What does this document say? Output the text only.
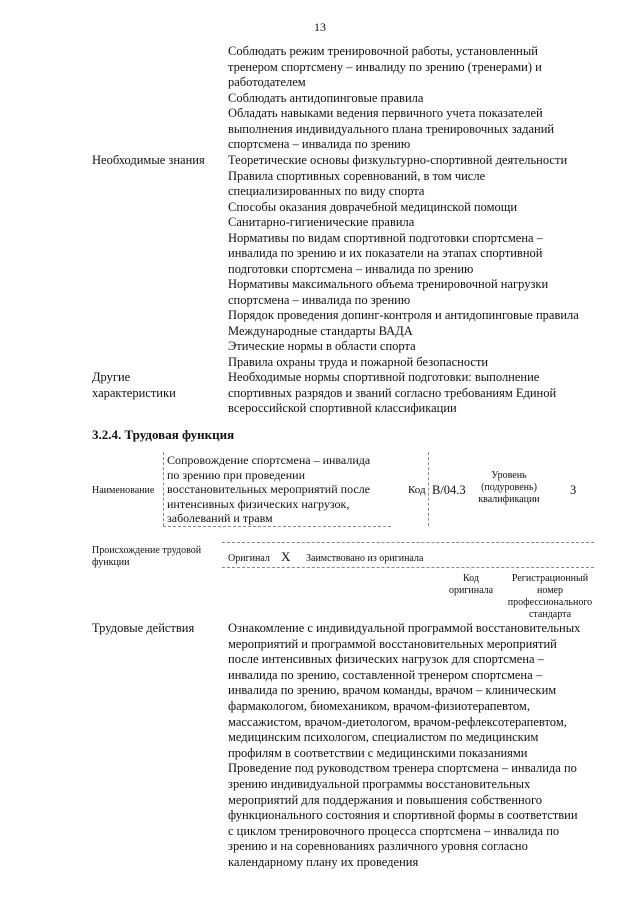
13
Соблюдать режим тренировочной работы, установленный
тренером спортсмену – инвалиду по зрению (тренерами) и
работодателем
Соблюдать антидопинговые правила
Обладать навыками ведения первичного учета показателей
выполнения индивидуального плана тренировочных заданий
спортсмена – инвалида по зрению
Необходимые знания Теоретические основы физкультурно-спортивной деятельности
Правила спортивных соревнований, в том числе
специализированных по виду спорта
Способы оказания доврачебной медицинской помощи
Санитарно-гигиенические правила
Нормативы по видам спортивной подготовки спортсмена –
инвалида по зрению и их показатели на этапах спортивной
подготовки спортсмена – инвалида по зрению
Нормативы максимального объема тренировочной нагрузки
спортсмена – инвалида по зрению
Порядок проведения допинг-контроля и антидопинговые правила
Международные стандарты ВАДА
Этические нормы в области спорта
Правила охраны труда и пожарной безопасности
Другие
характеристики
Необходимые нормы спортивной подготовки: выполнение
спортивных разрядов и званий согласно требованиям Единой
всероссийской спортивной классификации
3.2.4. Трудовая функция
Наименование
Сопровождение спортсмена – инвалида
по зрению при проведении
восстановительных мероприятий после
интенсивных физических нагрузок,
заболеваний и травм
Код B/04.3
Уровень
(подуровень)
квалификации
3
Происхождение трудовой
функции	Оригинал X Заимствовано из оригинала
Код
оригинала
Регистрационный
номер
профессионального
стандарта
Трудовые действия	Ознакомление с индивидуальной программой восстановительных
мероприятий и программой восстановительных мероприятий
после интенсивных физических нагрузок для спортсмена –
инвалида по зрению, составленной тренером спортсмена –
инвалида по зрению, врачом команды, врачом – клиническим
фармакологом, биомехаником, врачом-физиотерапевтом,
массажистом, врачом-диетологом, врачом-рефлексотерапевтом,
медицинским психологом, специалистом по медицинским
профилям в соответствии с медицинскими показаниями
Проведение под руководством тренера спортсмена – инвалида по
зрению индивидуальной программы восстановительных
мероприятий для поддержания и повышения собственного
функционального состояния и спортивной формы в соответствии
с циклом тренировочного процесса спортсмена – инвалида по
зрению и на соревнованиях различного уровня согласно
календарному плану их проведения
